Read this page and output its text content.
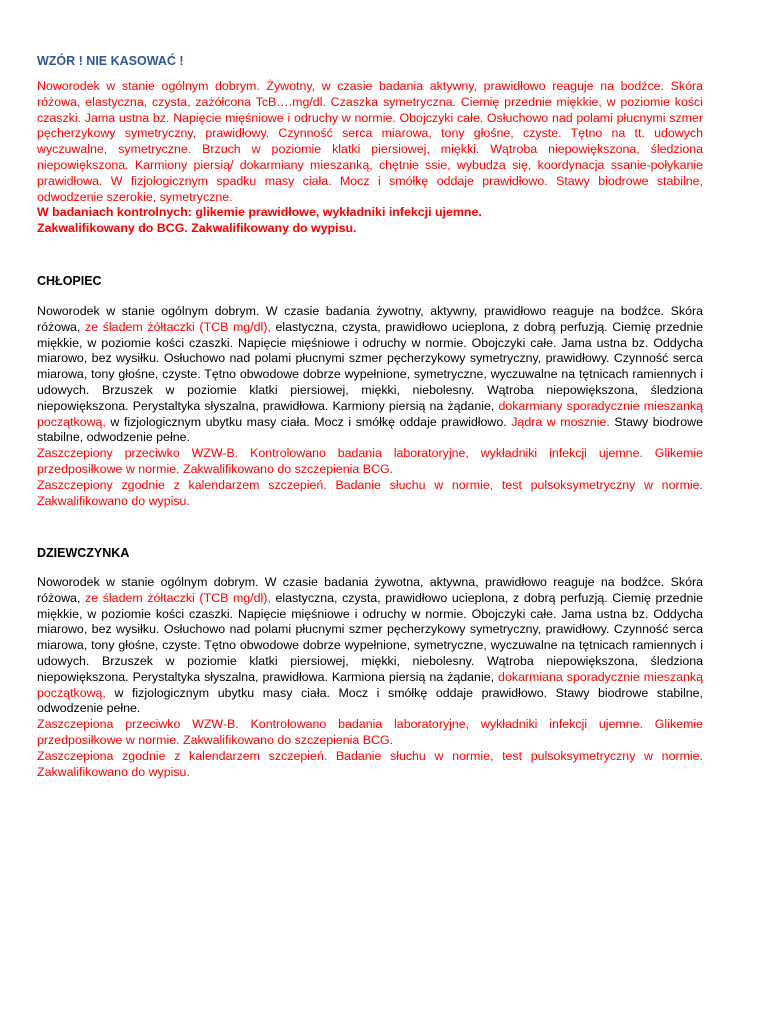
WZÓR ! NIE KASOWAĆ !

Noworodek w stanie ogólnym dobrym. Żywotny, w czasie badania aktywny, prawidłowo reaguje na bodźce. Skóra różowa, elastyczna, czysta, zażółcona TcB….mg/dl. Czaszka symetryczna. Ciemię przednie miękkie, w poziomie kości czaszki. Jama ustna bz. Napięcie mięśniowe i odruchy w normie. Obojczyki całe. Osłuchowo nad polami płucnymi szmer pęcherzykowy symetryczny, prawidłowy. Czynność serca miarowa, tony głośne, czyste. Tętno na tt. udowych wyczuwalne, symetryczne. Brzuch w poziomie klatki piersiowej, miękki. Wątroba niepowiększona, śledziona niepowiększona. Karmiony piersią/ dokarmiany mieszanką, chętnie ssie, wybudza się, koordynacja ssanie-połykanie prawidłowa. W fizjologicznym spadku masy ciała. Mocz i smółkę oddaje prawidłowo. Stawy biodrowe stabilne, odwodzenie szerokie, symetryczne.

W badaniach kontrolnych: glikemie prawidłowe, wykładniki infekcji ujemne.

Zakwalifikowany do BCG. Zakwalifikowany do wypisu.

CHŁOPIEC

Noworodek w stanie ogólnym dobrym. W czasie badania żywotny, aktywny, prawidłowo reaguje na bodźce. Skóra różowa, ze śladem żółtaczki (TCB mg/dl), elastyczna, czysta, prawidłowo ucieplona, z dobrą perfuzją. Ciemię przednie miękkie, w poziomie kości czaszki. Napięcie mięśniowe i odruchy w normie. Obojczyki całe. Jama ustna bz. Oddycha miarowo, bez wysiłku. Osłuchowo nad polami płucnymi szmer pęcherzykowy symetryczny, prawidłowy. Czynność serca miarowa, tony głośne, czyste. Tętno obwodowe dobrze wypełnione, symetryczne, wyczuwalne na tętnicach ramiennych i udowych. Brzuszek w poziomie klatki piersiowej, miękki, niebolesny. Wątroba niepowiększona, śledziona niepowiększona. Perystaltyka słyszalna, prawidłowa. Karmiony piersią na żądanie, dokarmiany sporadycznie mieszanką początkową, w fizjologicznym ubytku masy ciała. Mocz i smółkę oddaje prawidłowo. Jądra w mosznie. Stawy biodrowe stabilne, odwodzenie pełne.

Zaszczepiony przeciwko WZW-B. Kontrolowano badania laboratoryjne, wykładniki infekcji ujemne. Glikemie przedposiłkowe w normie. Zakwalifikowano do szczepienia BCG.

Zaszczepiony zgodnie z kalendarzem szczepień. Badanie słuchu w normie, test pulsoksymetryczny w normie. Zakwalifikowano do wypisu.

DZIEWCZYNKA

Noworodek w stanie ogólnym dobrym. W czasie badania żywotna, aktywna, prawidłowo reaguje na bodźce. Skóra różowa, ze śladem żółtaczki (TCB mg/dl), elastyczna, czysta, prawidłowo ucieplona, z dobrą perfuzją. Ciemię przednie miękkie, w poziomie kości czaszki. Napięcie mięśniowe i odruchy w normie. Obojczyki całe. Jama ustna bz. Oddycha miarowo, bez wysiłku. Osłuchowo nad polami płucnymi szmer pęcherzykowy symetryczny, prawidłowy. Czynność serca miarowa, tony głośne, czyste. Tętno obwodowe dobrze wypełnione, symetryczne, wyczuwalne na tętnicach ramiennych i udowych. Brzuszek w poziomie klatki piersiowej, miękki, niebolesny. Wątroba niepowiększona, śledziona niepowiększona. Perystaltyka słyszalna, prawidłowa. Karmiona piersią na żądanie, dokarmiana sporadycznie mieszanką początkową, w fizjologicznym ubytku masy ciała. Mocz i smółkę oddaje prawidłowo. Stawy biodrowe stabilne, odwodzenie pełne.

Zaszczepiona przeciwko WZW-B. Kontrolowano badania laboratoryjne, wykładniki infekcji ujemne. Glikemie przedposiłkowe w normie. Zakwalifikowano do szczepienia BCG.

Zaszczepiona zgodnie z kalendarzem szczepień. Badanie słuchu w normie, test pulsoksymetryczny w normie. Zakwalifikowano do wypisu.
